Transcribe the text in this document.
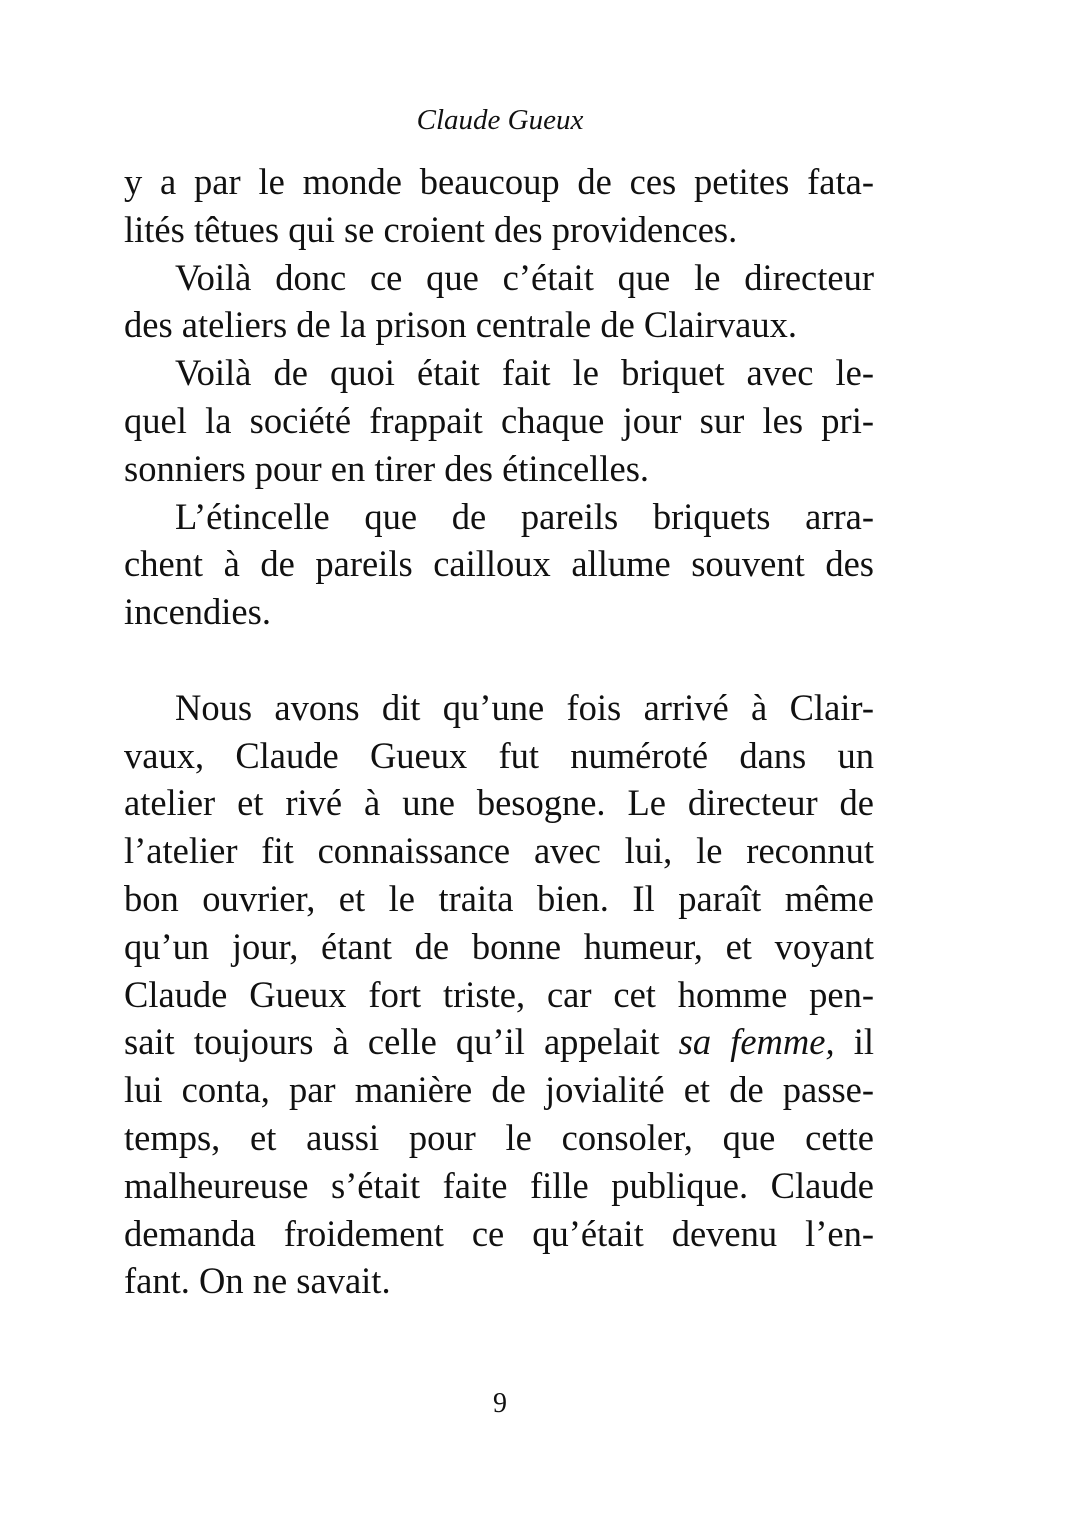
Claude Gueux
y a par le monde beaucoup de ces petites fata-
lités têtues qui se croient des providences.
Voilà donc ce que c’était que le directeur
des ateliers de la prison centrale de Clairvaux.
Voilà de quoi était fait le briquet avec le-
quel la société frappait chaque jour sur les pri-
sonniers pour en tirer des étincelles.
L’étincelle que de pareils briquets arra-
chent à de pareils cailloux allume souvent des
incendies.
Nous avons dit qu’une fois arrivé à Clair-
vaux, Claude Gueux fut numéroté dans un
atelier et rivé à une besogne. Le directeur de
l’atelier fit connaissance avec lui, le reconnut
bon ouvrier, et le traita bien. Il paraît même
qu’un jour, étant de bonne humeur, et voyant
Claude Gueux fort triste, car cet homme pen-
sait toujours à celle qu’il appelait sa femme, il
lui conta, par manière de jovialité et de passe-
temps, et aussi pour le consoler, que cette
malheureuse s’était faite fille publique. Claude
demanda froidement ce qu’était devenu l’en-
fant. On ne savait.
9
